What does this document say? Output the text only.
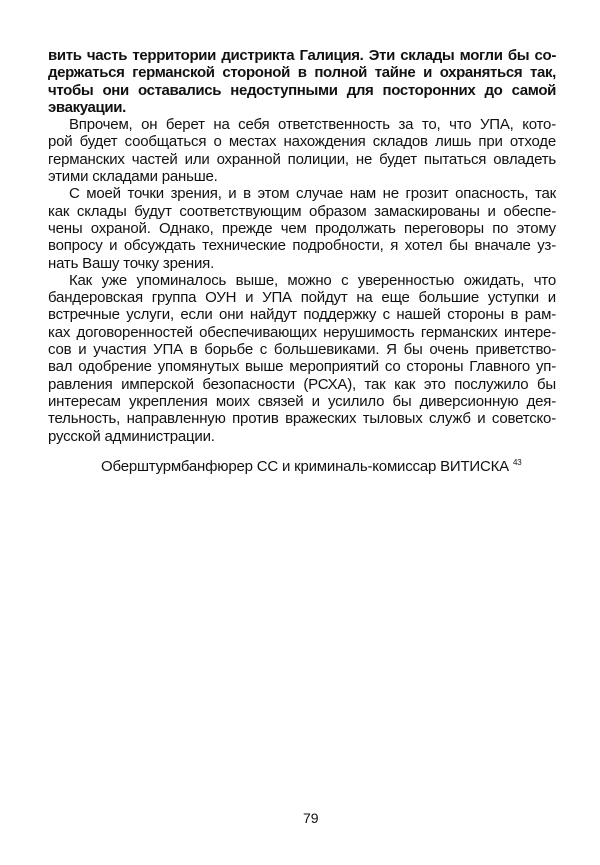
вить часть территории дистрикта Галиция. Эти склады могли бы со-
держаться германской стороной в полной тайне и охраняться так,
чтобы они оставались недоступными для посторонних до самой
эвакуации.
Впрочем, он берет на себя ответственность за то, что УПА, кото-
рой будет сообщаться о местах нахождения складов лишь при отходе
германских частей или охранной полиции, не будет пытаться овладеть
этими складами раньше.
С моей точки зрения, и в этом случае нам не грозит опасность, так
как склады будут соответствующим образом замаскированы и обеспе-
чены охраной. Однако, прежде чем продолжать переговоры по этому
вопросу и обсуждать технические подробности, я хотел бы вначале уз-
нать Вашу точку зрения.
Как уже упоминалось выше, можно с уверенностью ожидать, что
бандеровская группа ОУН и УПА пойдут на еще большие уступки и
встречные услуги, если они найдут поддержку с нашей стороны в рам-
ках договоренностей обеспечивающих нерушимость германских интере-
сов и участия УПА в борьбе с большевиками. Я бы очень приветство-
вал одобрение упомянутых выше мероприятий со стороны Главного уп-
равления имперской безопасности (РСХА), так как это послужило бы
интересам укрепления моих связей и усилило бы диверсионную дея-
тельность, направленную против вражеских тыловых служб и советско-
русской администрации.
Оберштурмбанфюрер СС и криминаль-комиссар ВИТИСКА $^{43}$
79
